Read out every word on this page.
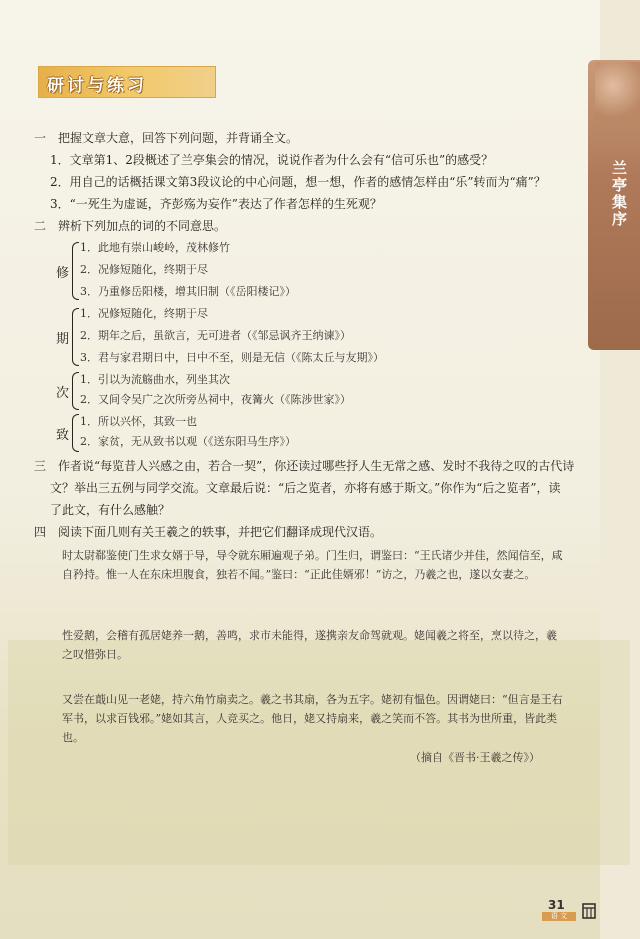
兰亭集序
研讨与练习
一　把握文章大意，回答下列问题，并背诵全文。
1．文章第1、2段概述了兰亭集会的情况，说说作者为什么会有“信可乐也”的感受？
2．用自己的话概括课文第3段议论的中心问题，想一想，作者的感情怎样由“乐”转而为“痛”？
3．“一死生为虚诞，齐彭殇为妄作”表达了作者怎样的生死观？
二　辨析下列加点的词的不同意思。
修
1．此地有崇山峻岭，茂林修竹
2．况修短随化，终期于尽
3．乃重修岳阳楼，增其旧制（《岳阳楼记》）
期
1．况修短随化，终期于尽
2．期年之后，虽欲言，无可进者（《邹忌讽齐王纳谏》）
3．君与家君期日中，日中不至，则是无信（《陈太丘与友期》）
次
1．引以为流觞曲水，列坐其次
2．又间令吴广之次所旁丛祠中，夜篝火（《陈涉世家》）
致
1．所以兴怀，其致一也
2．家贫，无从致书以观（《送东阳马生序》）
三　作者说“每览昔人兴感之由，若合一契”，你还读过哪些抒人生无常之感、发时不我待之叹的古代诗
文？举出三五例与同学交流。文章最后说：“后之览者，亦将有感于斯文。”你作为“后之览者”，读
了此文，有什么感触？
四　阅读下面几则有关王羲之的轶事，并把它们翻译成现代汉语。
时太尉郗鉴使门生求女婿于导，导令就东厢遍观子弟。门生归，谓鉴曰：“王氏诸少并佳，然闻信至，咸自矜持。惟一人在东床坦腹食，独若不闻。”鉴曰：“正此佳婿邪！”访之，乃羲之也，遂以女妻之。
性爱鹅，会稽有孤居姥养一鹅，善鸣，求市未能得，遂携亲友命驾就观。姥闻羲之将至，烹以待之，羲之叹惜弥日。
又尝在蕺山见一老姥，持六角竹扇卖之。羲之书其扇，各为五字。姥初有愠色。因谓姥曰：“但言是王右军书，以求百钱邪。”姥如其言，人竞买之。他日，姥又持扇来，羲之笑而不答。其书为世所重，皆此类也。
（摘自《晋书·王羲之传》）
31
语 文
